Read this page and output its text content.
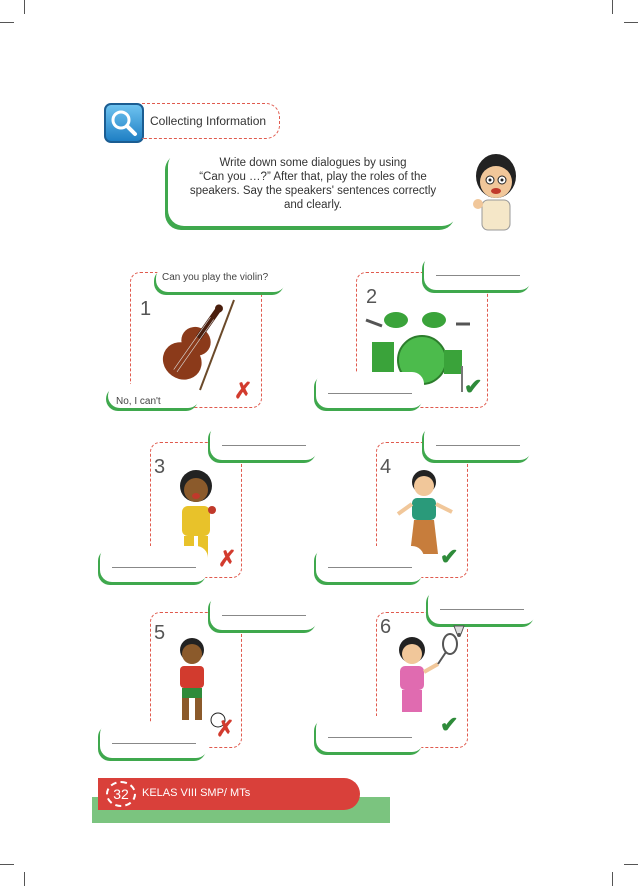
Collecting Information
Write down some dialogues by using
“Can you …?” After that, play the roles of the
speakers. Say the speakers' sentences correctly
and clearly.
1
Can you play the violin?
No, I can't	✗
2
✔
3
✗
4
✔
5
✗
6
✔
32	KELAS VIII SMP/ MTs
